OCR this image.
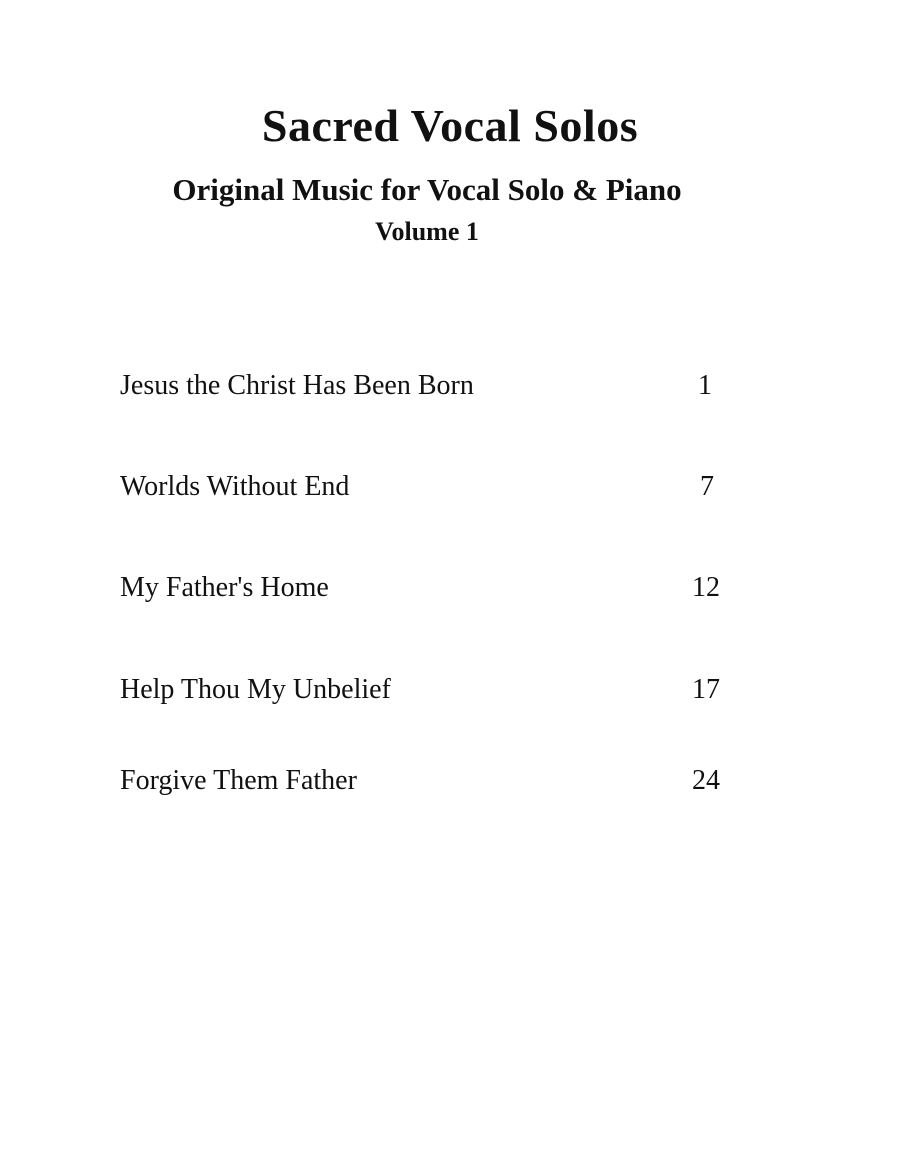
Sacred Vocal Solos
Original Music for Vocal Solo & Piano
Volume 1
Jesus the Christ Has Been Born	1
Worlds Without End	7
My Father's Home	12
Help Thou My Unbelief	17
Forgive Them Father	24
